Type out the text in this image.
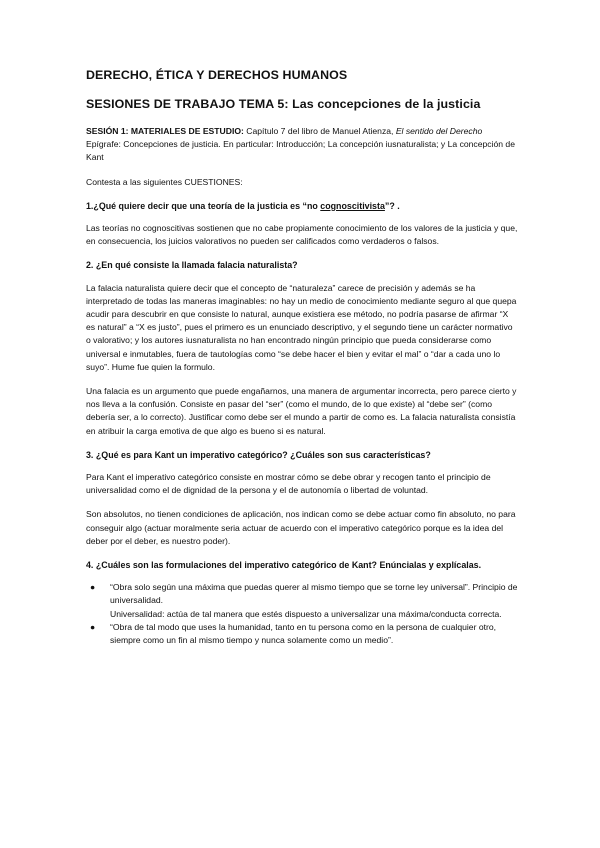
DERECHO, ÉTICA Y DERECHOS HUMANOS
SESIONES DE TRABAJO TEMA 5: Las concepciones de la justicia

SESIÓN 1: MATERIALES DE ESTUDIO: Capítulo 7 del libro de Manuel Atienza, El sentido del Derecho Epígrafe: Concepciones de justicia. En particular: Introducción; La concepción iusnaturalista; y La concepción de Kant

Contesta a las siguientes CUESTIONES:

1.¿Qué quiere decir que una teoría de la justicia es “no cognoscitivista”? .

Las teorías no cognoscitivas sostienen que no cabe propiamente conocimiento de los valores de la justicia y que, en consecuencia, los juicios valorativos no pueden ser calificados como verdaderos o falsos.

2. ¿En qué consiste la llamada falacia naturalista?

La falacia naturalista quiere decir que el concepto de “naturaleza” carece de precisión y además se ha interpretado de todas las maneras imaginables: no hay un medio de conocimiento mediante seguro al que quepa acudir para descubrir en que consiste lo natural, aunque existiera ese método, no podría pasarse de afirmar “X es natural” a “X es justo”, pues el primero es un enunciado descriptivo, y el segundo tiene un carácter normativo o valorativo; y los autores iusnaturalista no han encontrado ningún principio que pueda considerarse como universal e inmutables, fuera de tautologías como “se debe hacer el bien y evitar el mal” o “dar a cada uno lo suyo”. Hume fue quien la formulo.

Una falacia es un argumento que puede engañarnos, una manera de argumentar incorrecta, pero parece cierto y nos lleva a la confusión. Consiste en pasar del “ser” (como el mundo, de lo que existe) al “debe ser” (como debería ser, a lo correcto). Justificar como debe ser el mundo a partir de como es. La falacia naturalista consistía en atribuir la carga emotiva de que algo es bueno si es natural.

3. ¿Qué es para Kant un imperativo categórico? ¿Cuáles son sus características?

Para Kant el imperativo categórico consiste en mostrar cómo se debe obrar y recogen tanto el principio de universalidad como el de dignidad de la persona y el de autonomía o libertad de voluntad.

Son absolutos, no tienen condiciones de aplicación, nos indican como se debe actuar como fin absoluto, no para conseguir algo (actuar moralmente seria actuar de acuerdo con el imperativo categórico porque es la idea del deber por el deber, es nuestro poder).

4. ¿Cuáles son las formulaciones del imperativo categórico de Kant? Enúncialas y explícalas.

● “Obra solo según una máxima que puedas querer al mismo tiempo que se torne ley universal”. Principio de universalidad.
Universalidad: actúa de tal manera que estés dispuesto a universalizar una máxima/conducta correcta.
● “Obra de tal modo que uses la humanidad, tanto en tu persona como en la persona de cualquier otro, siempre como un fin al mismo tiempo y nunca solamente como un medio”.
